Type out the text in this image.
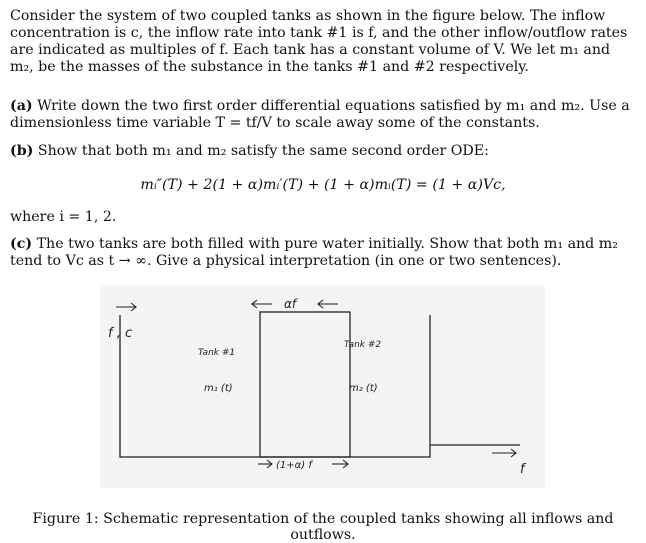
Consider the system of two coupled tanks as shown in the figure below. The inflow concentration is c, the inflow rate into tank #1 is f, and the other inflow/outflow rates are indicated as multiples of f. Each tank has a constant volume of V. We let m₁ and m₂, be the masses of the substance in the tanks #1 and #2 respectively.
(a) Write down the two first order differential equations satisfied by m₁ and m₂. Use a
dimensionless time variable T = tf/V to scale away some of the constants.
(b) Show that both m₁ and m₂ satisfy the same second order ODE:
mᵢ″(T) + 2(1 + α)mᵢ′(T) + (1 + α)mᵢ(T) = (1 + α)Vc,
where i = 1, 2.
(c) The two tanks are both filled with pure water initially. Show that both m₁ and m₂ tend to Vc as t → ∞. Give a physical interpretation (in one or two sentences).
f , c
αf
Tank #1
m₁ (t)
Tank #2
m₂ (t)
(1+α) f	f
Figure 1: Schematic representation of the coupled tanks showing all inflows and outflows.
